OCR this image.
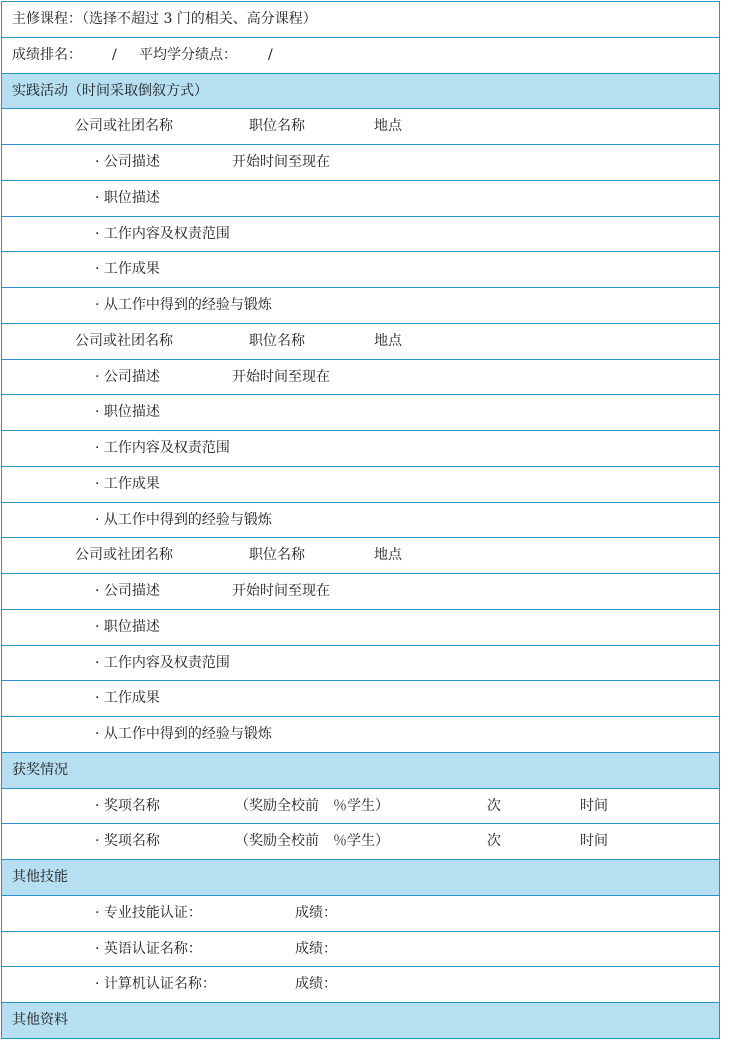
主修课程：（选择不超过 3 门的相关、高分课程）
成绩排名： / 平均学分绩点： /
实践活动（时间采取倒叙方式）
公司或社团名称	职位名称	地点
· 公司描述	开始时间至现在
· 职位描述
· 工作内容及权责范围
· 工作成果
· 从工作中得到的经验与锻炼
公司或社团名称	职位名称	地点
· 公司描述	开始时间至现在
· 职位描述
· 工作内容及权责范围
· 工作成果
· 从工作中得到的经验与锻炼
公司或社团名称	职位名称	地点
· 公司描述	开始时间至现在
· 职位描述
· 工作内容及权责范围
· 工作成果
· 从工作中得到的经验与锻炼
获奖情况
· 奖项名称	（奖励全校前　％学生）	次	时间
· 奖项名称	（奖励全校前　％学生）	次	时间
其他技能
· 专业技能认证：	成绩：
· 英语认证名称：	成绩：
· 计算机认证名称：	成绩：
其他资料
